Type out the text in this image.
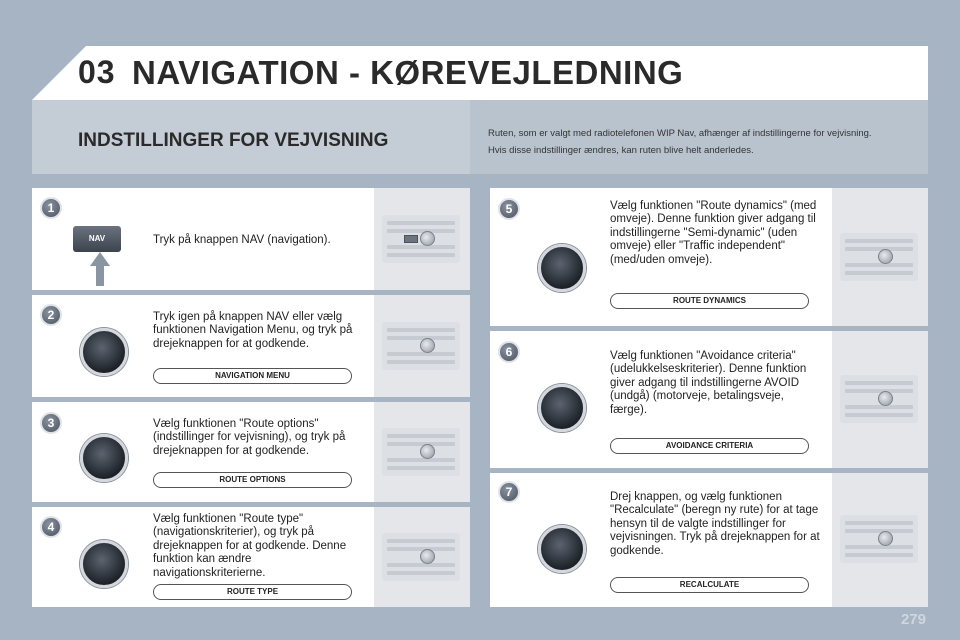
03 NAVIGATION - KØREVEJLEDNING
INDSTILLINGER FOR VEJVISNING	Ruten, som er valgt med radiotelefonen WIP Nav, afhænger af indstillingerne for vejvisning.
Hvis disse indstillinger ændres, kan ruten blive helt anderledes.
1
NAV	Tryk på knappen NAV (navigation).
2	Tryk igen på knappen NAV eller vælg funktionen Navigation Menu, og tryk på drejeknappen for at godkende.
NAVIGATION MENU
3	Vælg funktionen "Route options" (indstillinger for vejvisning), og tryk på drejeknappen for at godkende.
ROUTE OPTIONS
4
Vælg funktionen "Route type" (navigationskriterier), og tryk på drejeknappen for at godkende. Denne funktion kan ændre navigationskriterierne.
ROUTE TYPE
5	Vælg funktionen "Route dynamics" (med omveje). Denne funktion giver adgang til indstillingerne "Semi-dynamic" (uden omveje) eller "Traffic independent" (med/uden omveje).
ROUTE DYNAMICS
6	Vælg funktionen "Avoidance criteria" (udelukkelseskriterier). Denne funktion giver adgang til indstillingerne AVOID (undgå) (motorveje, betalingsveje, færge).
AVOIDANCE CRITERIA
7	Drej knappen, og vælg funktionen "Recalculate" (beregn ny rute) for at tage hensyn til de valgte indstillinger for vejvisningen. Tryk på drejeknappen for at godkende.
RECALCULATE
279
